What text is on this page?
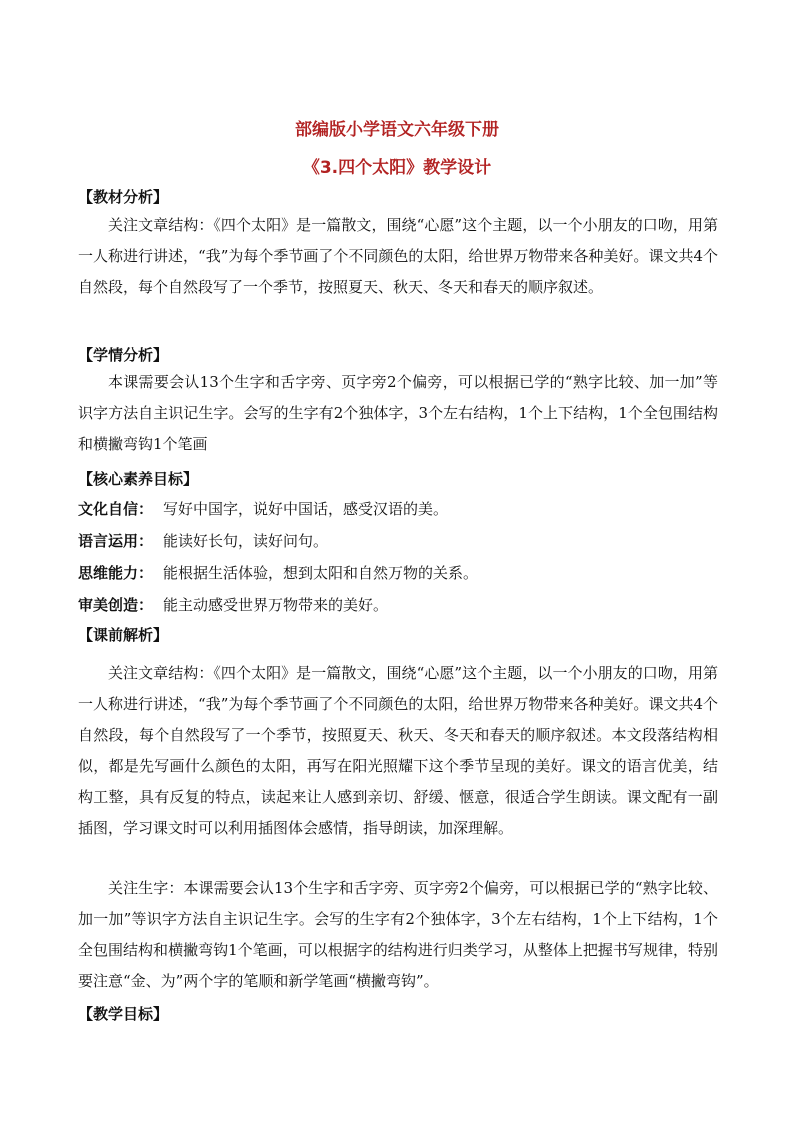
部编版小学语文六年级下册
《3.四个太阳》教学设计
【教材分析】

关注文章结构：《四个太阳》是一篇散文，围绕“心愿”这个主题，以一个小朋友的口吻，用第一人称进行讲述，“我”为每个季节画了个不同颜色的太阳，给世界万物带来各种美好。课文共4个自然段，每个自然段写了一个季节，按照夏天、秋天、冬天和春天的顺序叙述。

【学情分析】

本课需要会认13个生字和舌字旁、页字旁2个偏旁，可以根据已学的“熟字比较、加一加”等识字方法自主识记生字。会写的生字有2个独体字，3个左右结构，1个上下结构，1个全包围结构和横撇弯钩1个笔画

【核心素养目标】
文化自信： 写好中国字，说好中国话，感受汉语的美。
语言运用： 能读好长句，读好问句。
思维能力： 能根据生活体验，想到太阳和自然万物的关系。
审美创造： 能主动感受世界万物带来的美好。
【课前解析】

关注文章结构：《四个太阳》是一篇散文，围绕“心愿”这个主题，以一个小朋友的口吻，用第一人称进行讲述，“我”为每个季节画了个不同颜色的太阳，给世界万物带来各种美好。课文共4个自然段，每个自然段写了一个季节，按照夏天、秋天、冬天和春天的顺序叙述。本文段落结构相似，都是先写画什么颜色的太阳，再写在阳光照耀下这个季节呈现的美好。课文的语言优美，结构工整，具有反复的特点，读起来让人感到亲切、舒缓、惬意，很适合学生朗读。课文配有一副插图，学习课文时可以利用插图体会感情，指导朗读，加深理解。

关注生字：本课需要会认13个生字和舌字旁、页字旁2个偏旁，可以根据已学的“熟字比较、加一加”等识字方法自主识记生字。会写的生字有2个独体字，3个左右结构，1个上下结构，1个全包围结构和横撇弯钩1个笔画，可以根据字的结构进行归类学习，从整体上把握书写规律，特别要注意“金、为”两个字的笔顺和新学笔画“横撇弯钩”。

【教学目标】
